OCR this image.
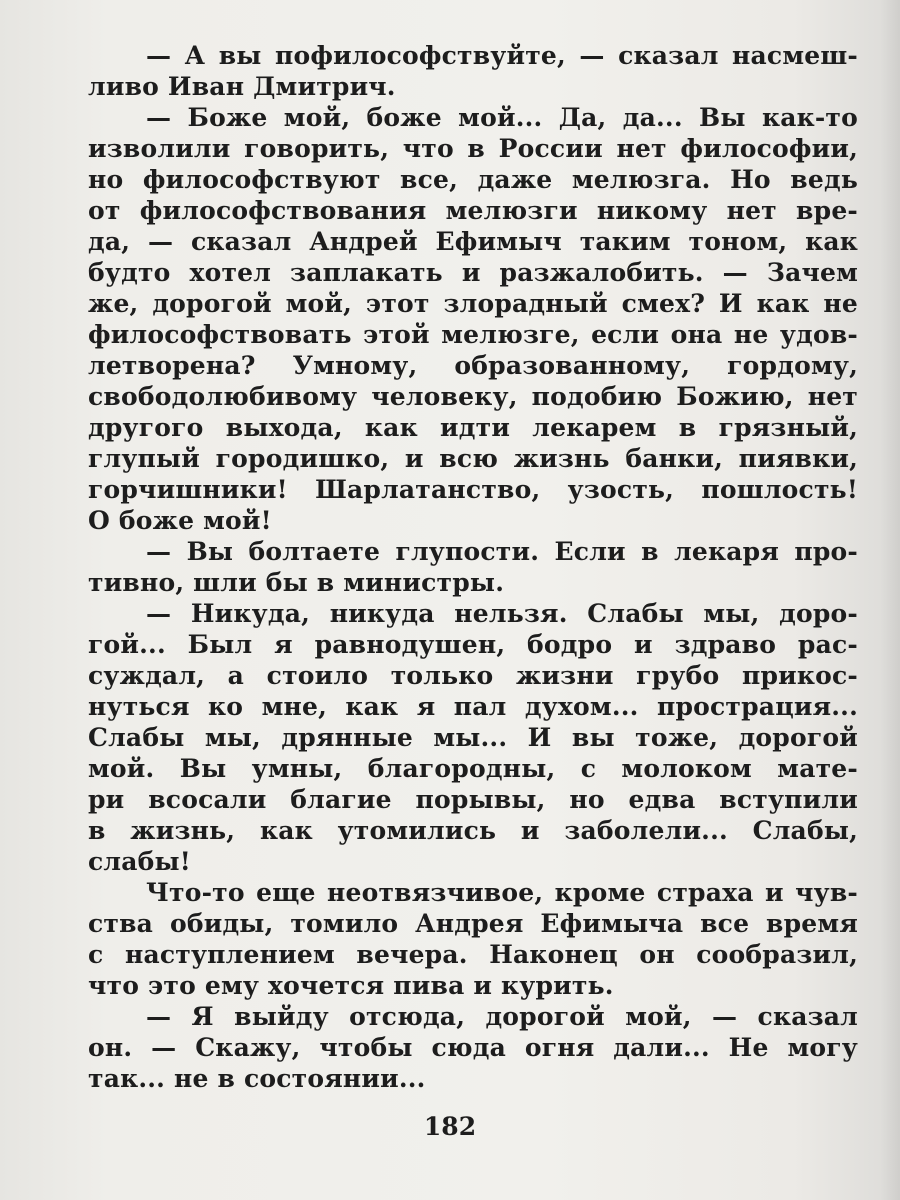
— А вы пофилософствуйте, — сказал насмеш-
ливо Иван Дмитрич.
— Боже мой, боже мой... Да, да... Вы как-то
изволили говорить, что в России нет философии,
но философствуют все, даже мелюзга. Но ведь
от философствования мелюзги никому нет вре-
да, — сказал Андрей Ефимыч таким тоном, как
будто хотел заплакать и разжалобить. — Зачем
же, дорогой мой, этот злорадный смех? И как не
философствовать этой мелюзге, если она не удов-
летворена? Умному, образованному, гордому,
свободолюбивому человеку, подобию Божию, нет
другого выхода, как идти лекарем в грязный,
глупый городишко, и всю жизнь банки, пиявки,
горчишники! Шарлатанство, узость, пошлость!
О боже мой!
— Вы болтаете глупости. Если в лекаря про-
тивно, шли бы в министры.
— Никуда, никуда нельзя. Слабы мы, доро-
гой... Был я равнодушен, бодро и здраво рас-
суждал, а стоило только жизни грубо прикос-
нуться ко мне, как я пал духом... прострация...
Слабы мы, дрянные мы... И вы тоже, дорогой
мой. Вы умны, благородны, с молоком мате-
ри всосали благие порывы, но едва вступили
в жизнь, как утомились и заболели... Слабы,
слабы!
Что-то еще неотвязчивое, кроме страха и чув-
ства обиды, томило Андрея Ефимыча все время
с наступлением вечера. Наконец он сообразил,
что это ему хочется пива и курить.
— Я выйду отсюда, дорогой мой, — сказал
он. — Скажу, чтобы сюда огня дали... Не могу
так... не в состоянии...
182
